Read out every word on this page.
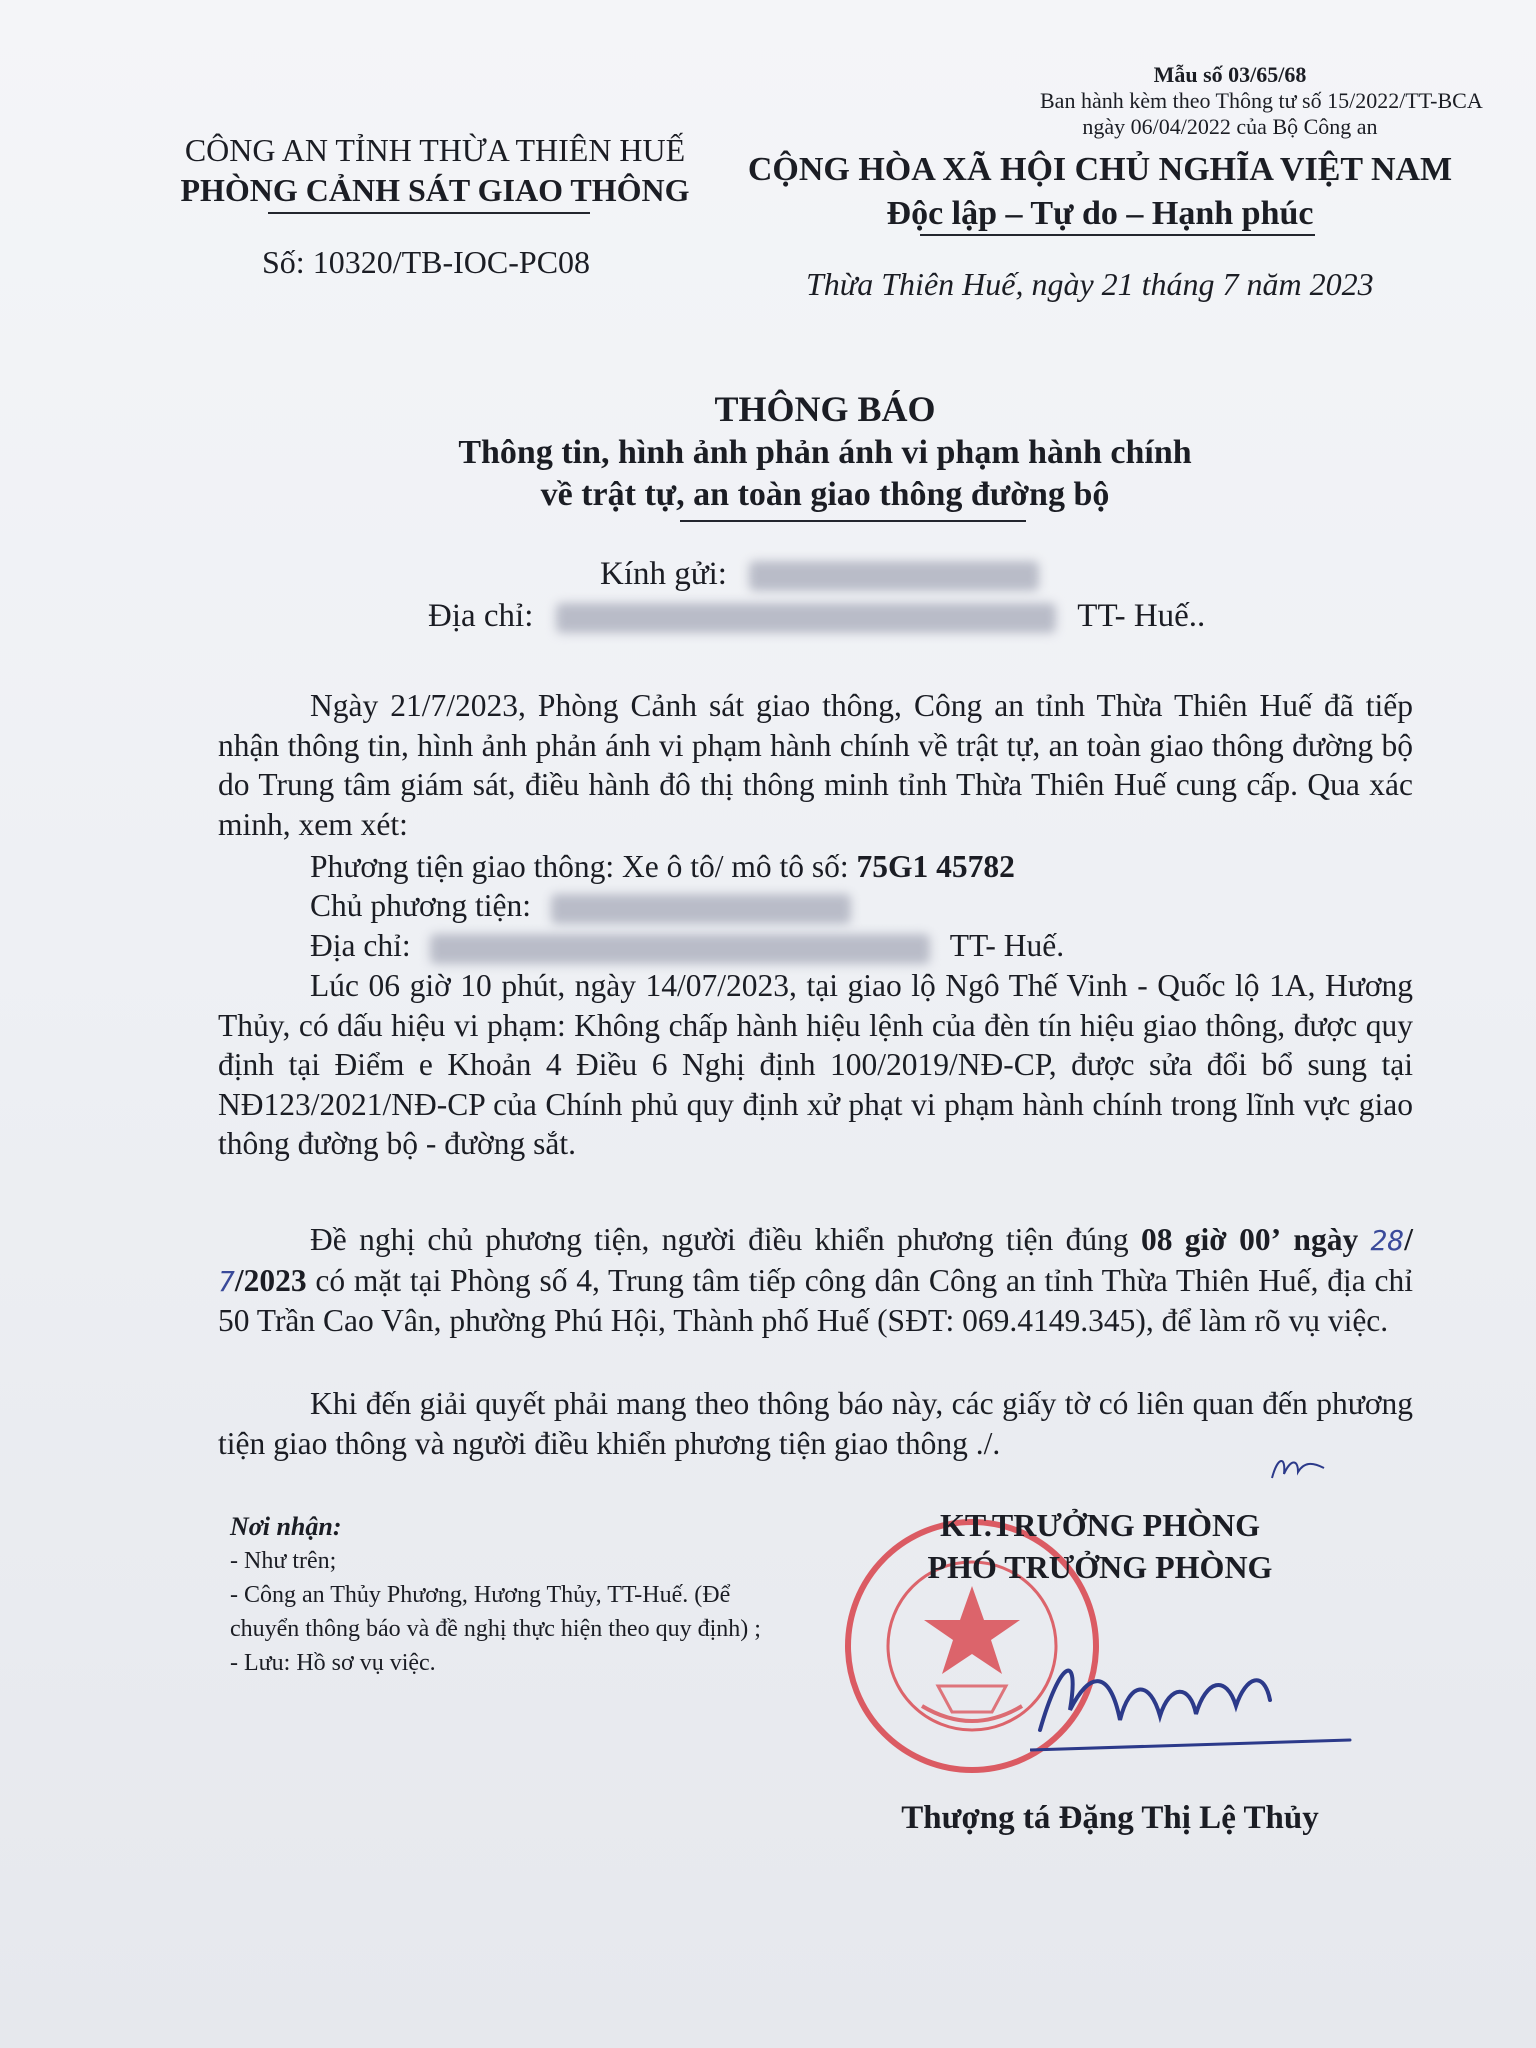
Mẫu số 03/65/68
Ban hành kèm theo Thông tư số 15/2022/TT-BCA
ngày 06/04/2022 của Bộ Công an
CÔNG AN TỈNH THỪA THIÊN HUẾ
PHÒNG CẢNH SÁT GIAO THÔNG
Số: 10320/TB-IOC-PC08
CỘNG HÒA XÃ HỘI CHỦ NGHĨA VIỆT NAM
Độc lập – Tự do – Hạnh phúc
Thừa Thiên Huế, ngày 21 tháng 7 năm 2023
THÔNG BÁO
Thông tin, hình ảnh phản ánh vi phạm hành chính
về trật tự, an toàn giao thông đường bộ
Kính gửi:
Địa chỉ:	TT- Huế..

Ngày 21/7/2023, Phòng Cảnh sát giao thông, Công an tỉnh Thừa Thiên Huế đã tiếp nhận thông tin, hình ảnh phản ánh vi phạm hành chính về trật tự, an toàn giao thông đường bộ do Trung tâm giám sát, điều hành đô thị thông minh tỉnh Thừa Thiên Huế cung cấp. Qua xác minh, xem xét:

Phương tiện giao thông: Xe ô tô/ mô tô số: 75G1 45782
Chủ phương tiện:
Địa chỉ:	TT- Huế.

Lúc 06 giờ 10 phút, ngày 14/07/2023, tại giao lộ Ngô Thế Vinh - Quốc lộ 1A, Hương Thủy, có dấu hiệu vi phạm: Không chấp hành hiệu lệnh của đèn tín hiệu giao thông, được quy định tại Điểm e Khoản 4 Điều 6 Nghị định 100/2019/NĐ-CP, được sửa đổi bổ sung tại NĐ123/2021/NĐ-CP của Chính phủ quy định xử phạt vi phạm hành chính trong lĩnh vực giao thông đường bộ - đường sắt.

Đề nghị chủ phương tiện, người điều khiển phương tiện đúng 08 giờ 00’ ngày 28/ 7/2023 có mặt tại Phòng số 4, Trung tâm tiếp công dân Công an tỉnh Thừa Thiên Huế, địa chỉ 50 Trần Cao Vân, phường Phú Hội, Thành phố Huế (SĐT: 069.4149.345), để làm rõ vụ việc.

Khi đến giải quyết phải mang theo thông báo này, các giấy tờ có liên quan đến phương tiện giao thông và người điều khiển phương tiện giao thông ./.

Nơi nhận:
- Như trên;
- Công an Thủy Phương, Hương Thủy, TT-Huế. (Để chuyển thông báo và đề nghị thực hiện theo quy định) ;
- Lưu: Hồ sơ vụ việc.
KT.TRƯỞNG PHÒNG
PHÓ TRƯỞNG PHÒNG
Thượng tá Đặng Thị Lệ Thủy
